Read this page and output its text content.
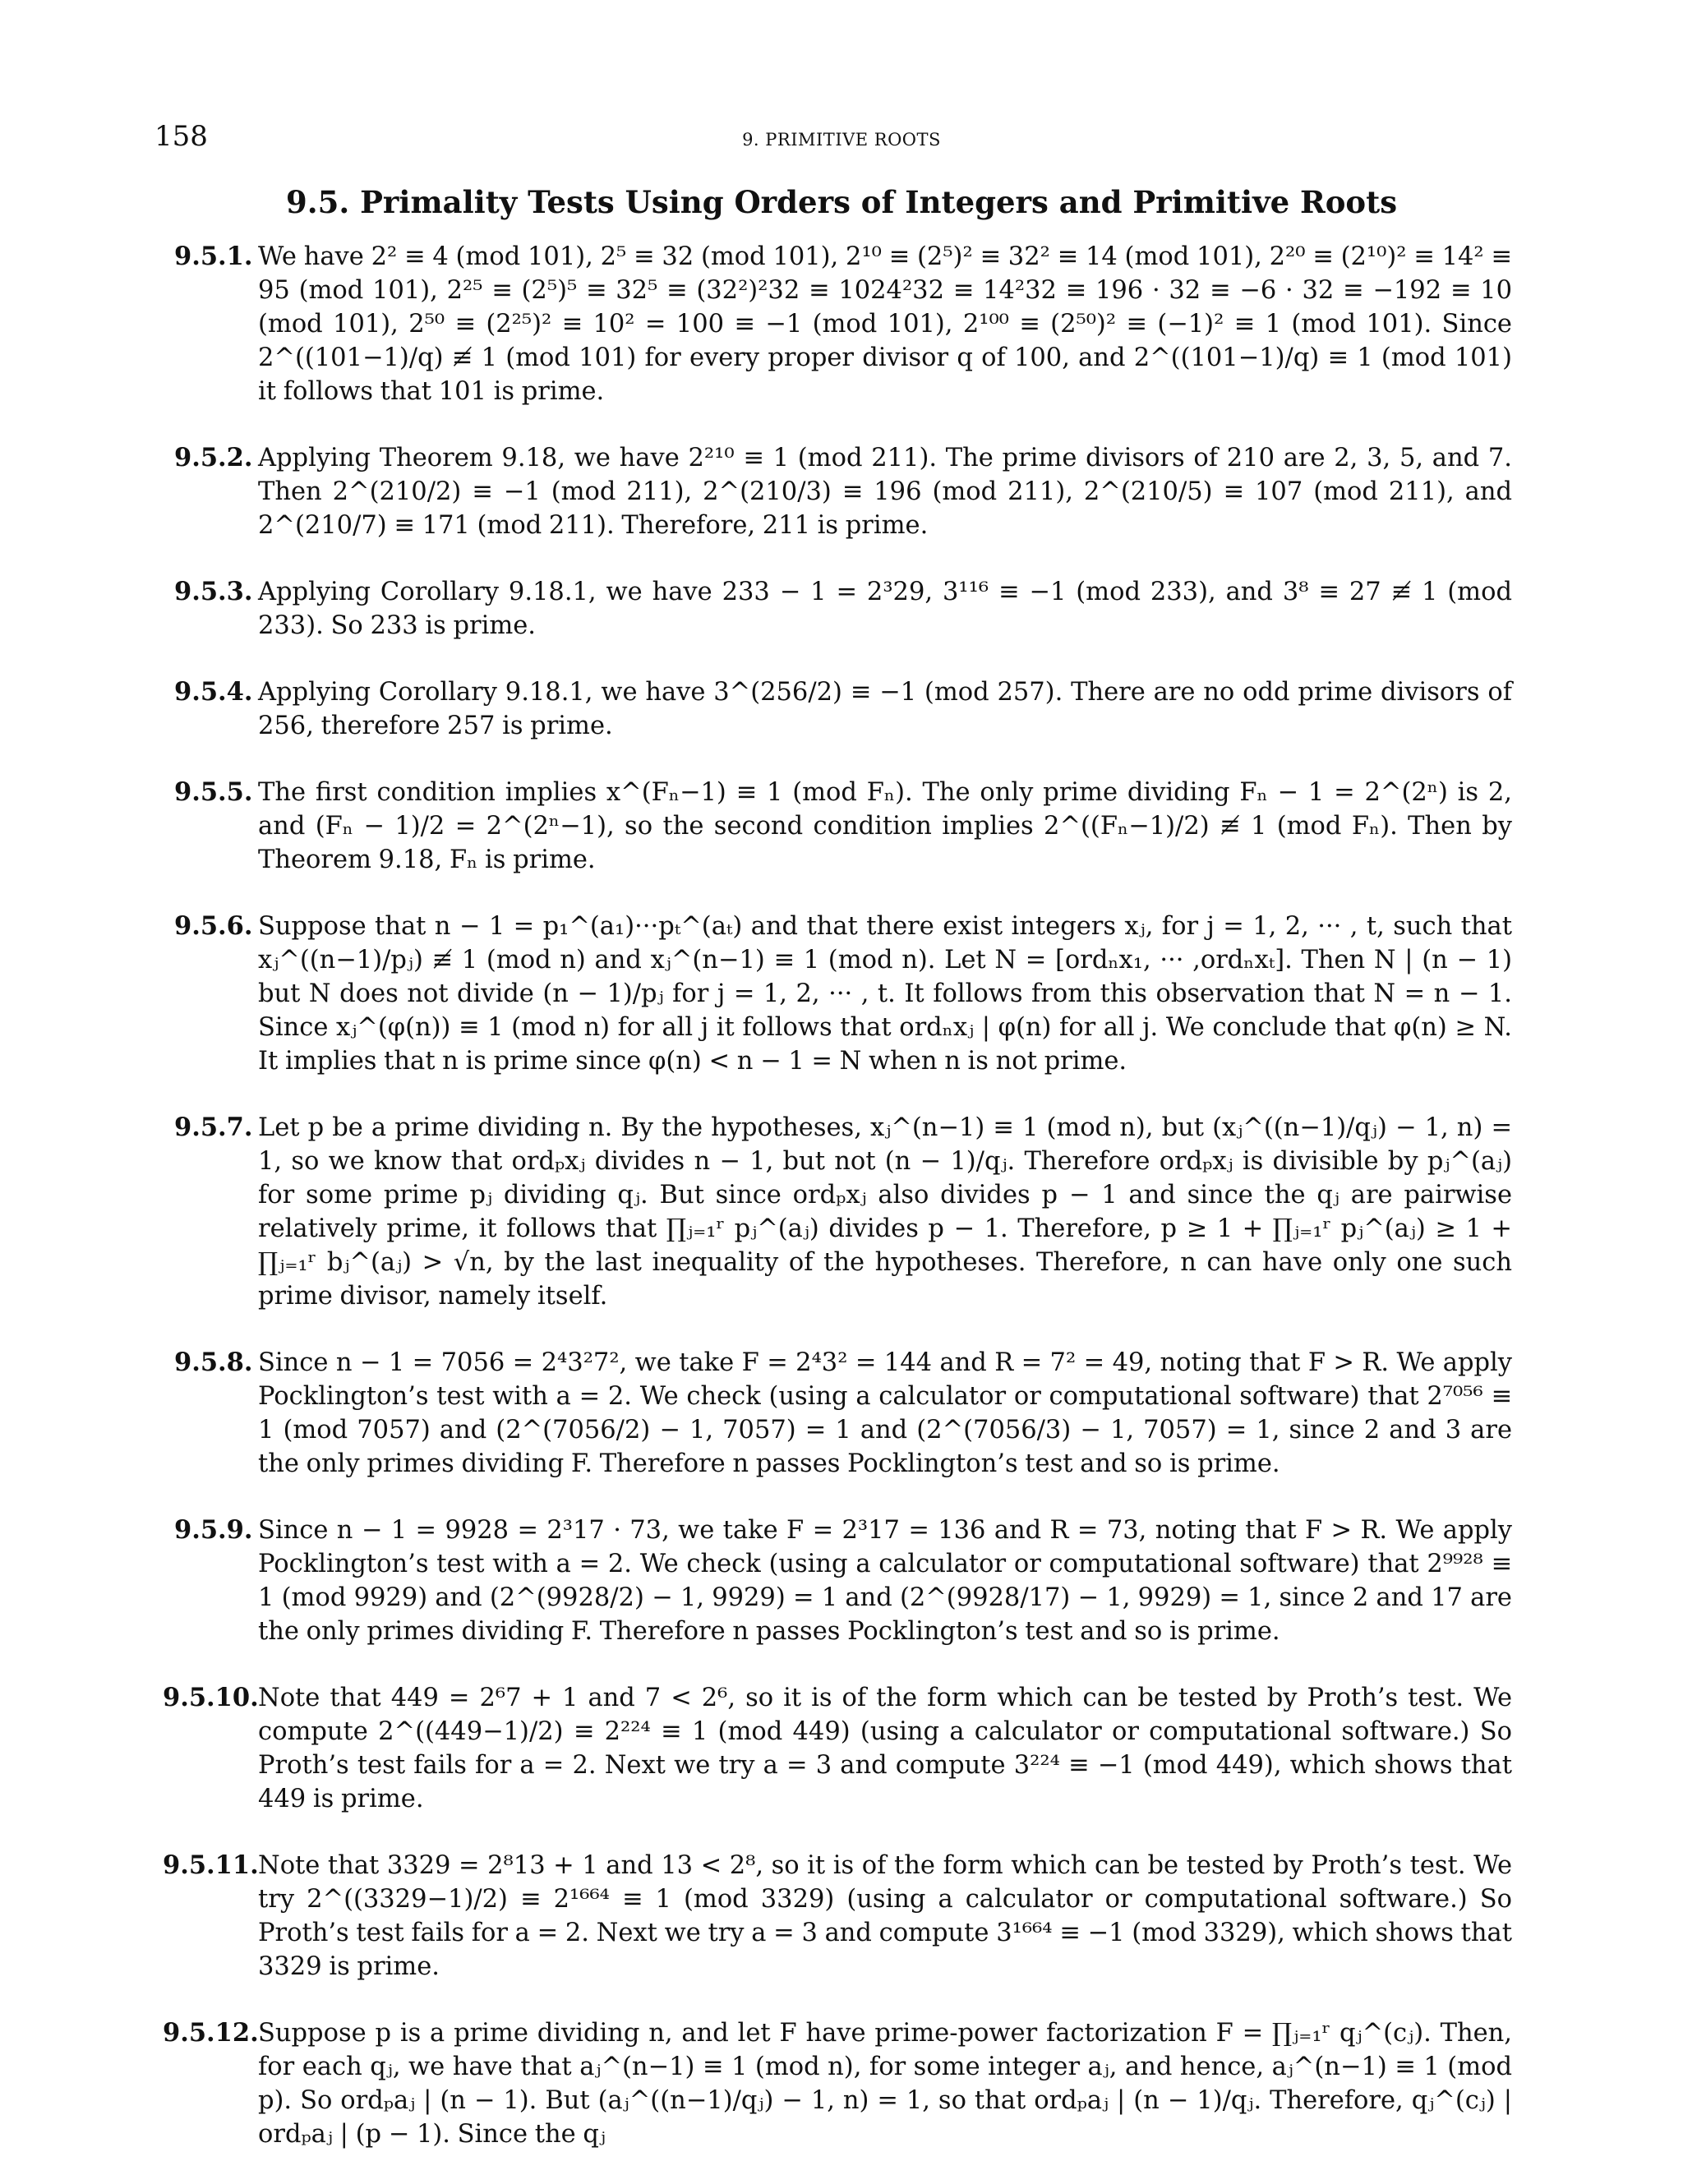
158	9. PRIMITIVE ROOTS
9.5. Primality Tests Using Orders of Integers and Primitive Roots
9.5.1. We have 2² ≡ 4 (mod 101), 2⁵ ≡ 32 (mod 101), 2¹⁰ ≡ (2⁵)² ≡ 32² ≡ 14 (mod 101), 2²⁰ ≡ (2¹⁰)² ≡ 14² ≡ 95 (mod 101), 2²⁵ ≡ (2⁵)⁵ ≡ 32⁵ ≡ (32²)²32 ≡ 1024²32 ≡ 14²32 ≡ 196 · 32 ≡ −6 · 32 ≡ −192 ≡ 10 (mod 101), 2⁵⁰ ≡ (2²⁵)² ≡ 10² = 100 ≡ −1 (mod 101), 2¹⁰⁰ ≡ (2⁵⁰)² ≡ (−1)² ≡ 1 (mod 101). Since 2^((101−1)/q) ≢ 1 (mod 101) for every proper divisor q of 100, and 2^((101−1)/q) ≡ 1 (mod 101) it follows that 101 is prime.
9.5.2. Applying Theorem 9.18, we have 2²¹⁰ ≡ 1 (mod 211). The prime divisors of 210 are 2, 3, 5, and 7. Then 2^(210/2) ≡ −1 (mod 211), 2^(210/3) ≡ 196 (mod 211), 2^(210/5) ≡ 107 (mod 211), and 2^(210/7) ≡ 171 (mod 211). Therefore, 211 is prime.
9.5.3. Applying Corollary 9.18.1, we have 233 − 1 = 2³29, 3¹¹⁶ ≡ −1 (mod 233), and 3⁸ ≡ 27 ≢ 1 (mod 233). So 233 is prime.
9.5.4. Applying Corollary 9.18.1, we have 3^(256/2) ≡ −1 (mod 257). There are no odd prime divisors of 256, therefore 257 is prime.
9.5.5. The first condition implies x^(Fₙ−1) ≡ 1 (mod Fₙ). The only prime dividing Fₙ − 1 = 2^(2ⁿ) is 2, and (Fₙ − 1)/2 = 2^(2ⁿ−1), so the second condition implies 2^((Fₙ−1)/2) ≢ 1 (mod Fₙ). Then by Theorem 9.18, Fₙ is prime.
9.5.6. Suppose that n − 1 = p₁^(a₁)···pₜ^(aₜ) and that there exist integers xⱼ, for j = 1, 2, ··· , t, such that xⱼ^((n−1)/pⱼ) ≢ 1 (mod n) and xⱼ^(n−1) ≡ 1 (mod n). Let N = [ordₙx₁, ··· ,ordₙxₜ]. Then N | (n − 1) but N does not divide (n − 1)/pⱼ for j = 1, 2, ··· , t. It follows from this observation that N = n − 1. Since xⱼ^(φ(n)) ≡ 1 (mod n) for all j it follows that ordₙxⱼ | φ(n) for all j. We conclude that φ(n) ≥ N. It implies that n is prime since φ(n) < n − 1 = N when n is not prime.
9.5.7. Let p be a prime dividing n. By the hypotheses, xⱼ^(n−1) ≡ 1 (mod n), but (xⱼ^((n−1)/qⱼ) − 1, n) = 1, so we know that ordₚxⱼ divides n − 1, but not (n − 1)/qⱼ. Therefore ordₚxⱼ is divisible by pⱼ^(aⱼ) for some prime pⱼ dividing qⱼ. But since ordₚxⱼ also divides p − 1 and since the qⱼ are pairwise relatively prime, it follows that ∏ⱼ₌₁ʳ pⱼ^(aⱼ) divides p − 1. Therefore, p ≥ 1 + ∏ⱼ₌₁ʳ pⱼ^(aⱼ) ≥ 1 + ∏ⱼ₌₁ʳ bⱼ^(aⱼ) > √n, by the last inequality of the hypotheses. Therefore, n can have only one such prime divisor, namely itself.
9.5.8. Since n − 1 = 7056 = 2⁴3²7², we take F = 2⁴3² = 144 and R = 7² = 49, noting that F > R. We apply Pocklington’s test with a = 2. We check (using a calculator or computational software) that 2⁷⁰⁵⁶ ≡ 1 (mod 7057) and (2^(7056/2) − 1, 7057) = 1 and (2^(7056/3) − 1, 7057) = 1, since 2 and 3 are the only primes dividing F. Therefore n passes Pocklington’s test and so is prime.
9.5.9. Since n − 1 = 9928 = 2³17 · 73, we take F = 2³17 = 136 and R = 73, noting that F > R. We apply Pocklington’s test with a = 2. We check (using a calculator or computational software) that 2⁹⁹²⁸ ≡ 1 (mod 9929) and (2^(9928/2) − 1, 9929) = 1 and (2^(9928/17) − 1, 9929) = 1, since 2 and 17 are the only primes dividing F. Therefore n passes Pocklington’s test and so is prime.
9.5.10. Note that 449 = 2⁶7 + 1 and 7 < 2⁶, so it is of the form which can be tested by Proth’s test. We compute 2^((449−1)/2) ≡ 2²²⁴ ≡ 1 (mod 449) (using a calculator or computational software.) So Proth’s test fails for a = 2. Next we try a = 3 and compute 3²²⁴ ≡ −1 (mod 449), which shows that 449 is prime.
9.5.11. Note that 3329 = 2⁸13 + 1 and 13 < 2⁸, so it is of the form which can be tested by Proth’s test. We try 2^((3329−1)/2) ≡ 2¹⁶⁶⁴ ≡ 1 (mod 3329) (using a calculator or computational software.) So Proth’s test fails for a = 2. Next we try a = 3 and compute 3¹⁶⁶⁴ ≡ −1 (mod 3329), which shows that 3329 is prime.
9.5.12. Suppose p is a prime dividing n, and let F have prime-power factorization F = ∏ⱼ₌₁ʳ qⱼ^(cⱼ). Then, for each qⱼ, we have that aⱼ^(n−1) ≡ 1 (mod n), for some integer aⱼ, and hence, aⱼ^(n−1) ≡ 1 (mod p). So ordₚaⱼ | (n − 1). But (aⱼ^((n−1)/qⱼ) − 1, n) = 1, so that ordₚaⱼ | (n − 1)/qⱼ. Therefore, qⱼ^(cⱼ) | ordₚaⱼ | (p − 1). Since the qⱼ
